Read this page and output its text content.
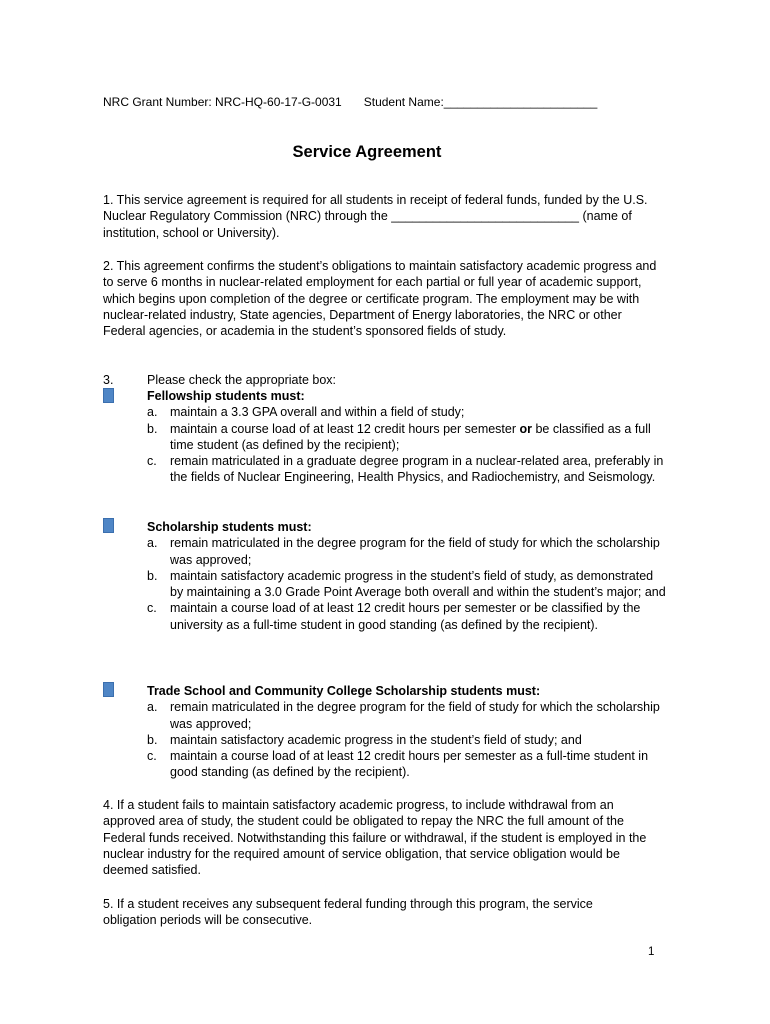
NRC Grant Number: NRC-HQ-60-17-G-0031 Student Name:_______________________
Service Agreement
1. This service agreement is required for all students in receipt of federal funds, funded by the U.S. Nuclear Regulatory Commission (NRC) through the ___________________________ (name of institution, school or University).
2. This agreement confirms the student’s obligations to maintain satisfactory academic progress and to serve 6 months in nuclear-related employment for each partial or full year of academic support, which begins upon completion of the degree or certificate program. The employment may be with nuclear-related industry, State agencies, Department of Energy laboratories, the NRC or other Federal agencies, or academia in the student’s sponsored fields of study.
3.	Please check the appropriate box:
Fellowship students must:
a. maintain a 3.3 GPA overall and within a field of study;
b. maintain a course load of at least 12 credit hours per semester or be classified as a full time student (as defined by the recipient);
c. remain matriculated in a graduate degree program in a nuclear-related area, preferably in the fields of Nuclear Engineering, Health Physics, and Radiochemistry, and Seismology.
Scholarship students must:
a. remain matriculated in the degree program for the field of study for which the scholarship was approved;
b. maintain satisfactory academic progress in the student’s field of study, as demonstrated by maintaining a 3.0 Grade Point Average both overall and within the student’s major; and
c. maintain a course load of at least 12 credit hours per semester or be classified by the university as a full-time student in good standing (as defined by the recipient).
Trade School and Community College Scholarship students must:
a. remain matriculated in the degree program for the field of study for which the scholarship was approved;
b. maintain satisfactory academic progress in the student’s field of study; and
c. maintain a course load of at least 12 credit hours per semester as a full-time student in good standing (as defined by the recipient).
4. If a student fails to maintain satisfactory academic progress, to include withdrawal from an approved area of study, the student could be obligated to repay the NRC the full amount of the Federal funds received. Notwithstanding this failure or withdrawal, if the student is employed in the nuclear industry for the required amount of service obligation, that service obligation would be deemed satisfied.
5. If a student receives any subsequent federal funding through this program, the service obligation periods will be consecutive.
1
